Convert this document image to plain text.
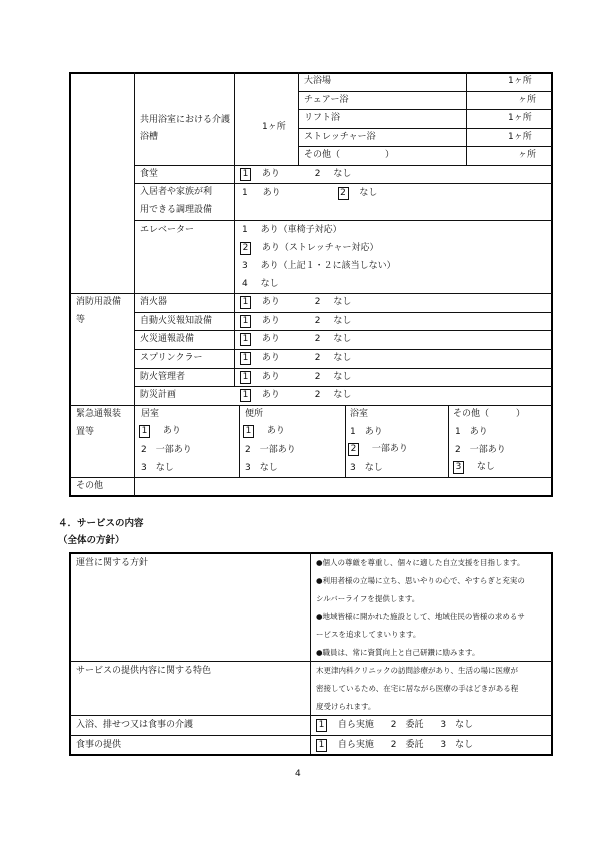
共用浴室における介護浴槽
1ヶ所
大浴場	1ヶ所
チェアー浴	ヶ所
リフト浴	1ヶ所
ストレッチャー浴	1ヶ所
その他（　　　　　）	ヶ所
食堂	1 あり	2 なし
入居者や家族が利
用できる調理設備
1 あり	2 なし
エレベーター	1 あり（車椅子対応）
2 あり（ストレッチャー対応）
3 あり（上記１・２に該当しない）
4 なし
消防用設備
等
消火器	1 あり	2 なし
自動火災報知設備	1 あり	2 なし
火災通報設備	1 あり	2 なし
スプリンクラー	1 あり	2 なし
防火管理者	1 あり	2 なし
防災計画	1 あり	2 なし
緊急通報装
置等
居室
1 あり
2　一部あり
3　なし
便所
1 あり
2　一部あり
3　なし
浴室
1　あり
2 一部あり
3　なし
その他（　　　）
1　あり
2　一部あり
3 なし
その他
４．サービスの内容
（全体の方針）
運営に関する方針	●個人の尊厳を尊重し、個々に適した自立支援を目指します。
●利用者様の立場に立ち、思いやりの心で、やすらぎと充実の
シルバーライフを提供します。
●地域皆様に開かれた施設として、地域住民の皆様の求めるサ
ービスを追求してまいります。
●職員は、常に資質向上と自己研鑽に励みます。
サービスの提供内容に関する特色	木更津内科クリニックの訪問診療があり、生活の場に医療が
密接しているため、在宅に居ながら医療の手はどきがある程
度受けられます。
入浴、排せつ又は食事の介護	1 自ら実施 2　委託 3　なし
食事の提供	1 自ら実施 2　委託 3　なし
4
